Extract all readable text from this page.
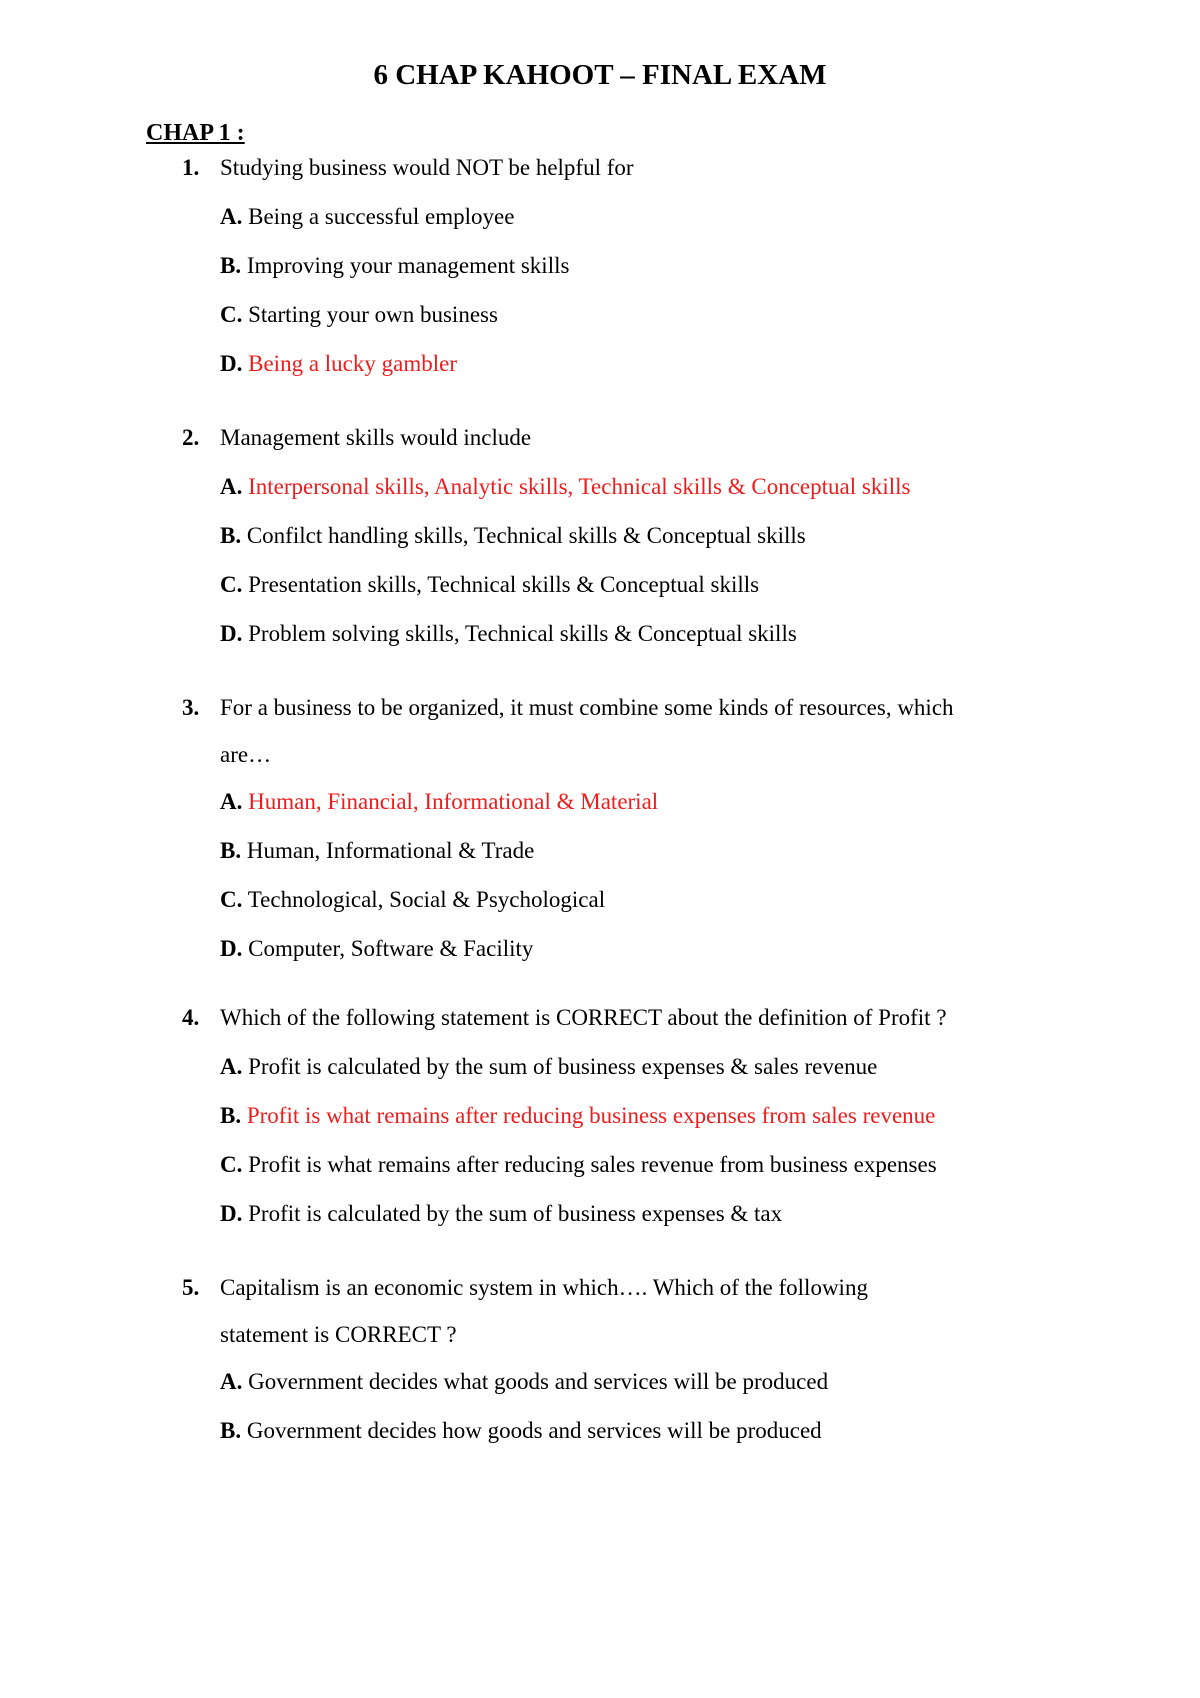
6 CHAP KAHOOT – FINAL EXAM
CHAP 1 :
1. Studying business would NOT be helpful for
A. Being a successful employee
B. Improving your management skills
C. Starting your own business
D. Being a lucky gambler
2. Management skills would include
A. Interpersonal skills, Analytic skills, Technical skills & Conceptual skills
B. Confilct handling skills, Technical skills & Conceptual skills
C. Presentation skills, Technical skills & Conceptual skills
D. Problem solving skills, Technical skills & Conceptual skills
3. For a business to be organized, it must combine some kinds of resources, which
are…
A. Human, Financial, Informational & Material
B. Human, Informational & Trade
C. Technological, Social & Psychological
D. Computer, Software & Facility
4. Which of the following statement is CORRECT about the definition of Profit ?
A. Profit is calculated by the sum of business expenses & sales revenue
B. Profit is what remains after reducing business expenses from sales revenue
C. Profit is what remains after reducing sales revenue from business expenses
D. Profit is calculated by the sum of business expenses & tax
5. Capitalism is an economic system in which…. Which of the following
statement is CORRECT ?
A. Government decides what goods and services will be produced
B. Government decides how goods and services will be produced
